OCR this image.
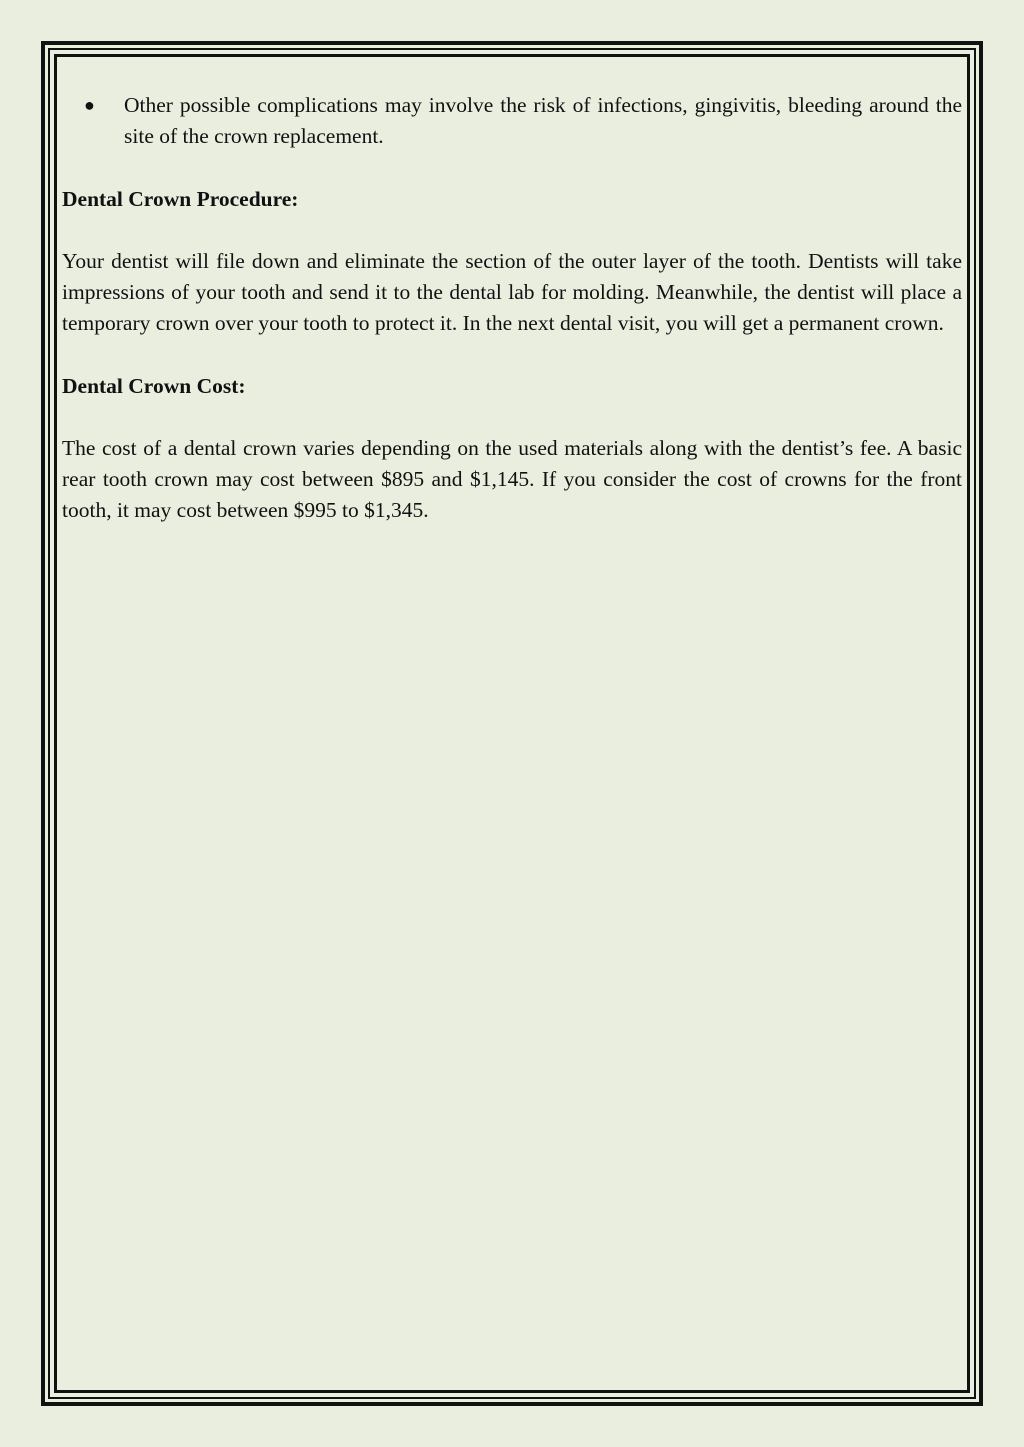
● Other possible complications may involve the risk of infections, gingivitis, bleeding around the site of the crown replacement.
Dental Crown Procedure:

Your dentist will file down and eliminate the section of the outer layer of the tooth. Dentists will take impressions of your tooth and send it to the dental lab for molding. Meanwhile, the dentist will place a temporary crown over your tooth to protect it. In the next dental visit, you will get a permanent crown.

Dental Crown Cost:

The cost of a dental crown varies depending on the used materials along with the dentist’s fee. A basic rear tooth crown may cost between $895 and $1,145. If you consider the cost of crowns for the front tooth, it may cost between $995 to $1,345.
